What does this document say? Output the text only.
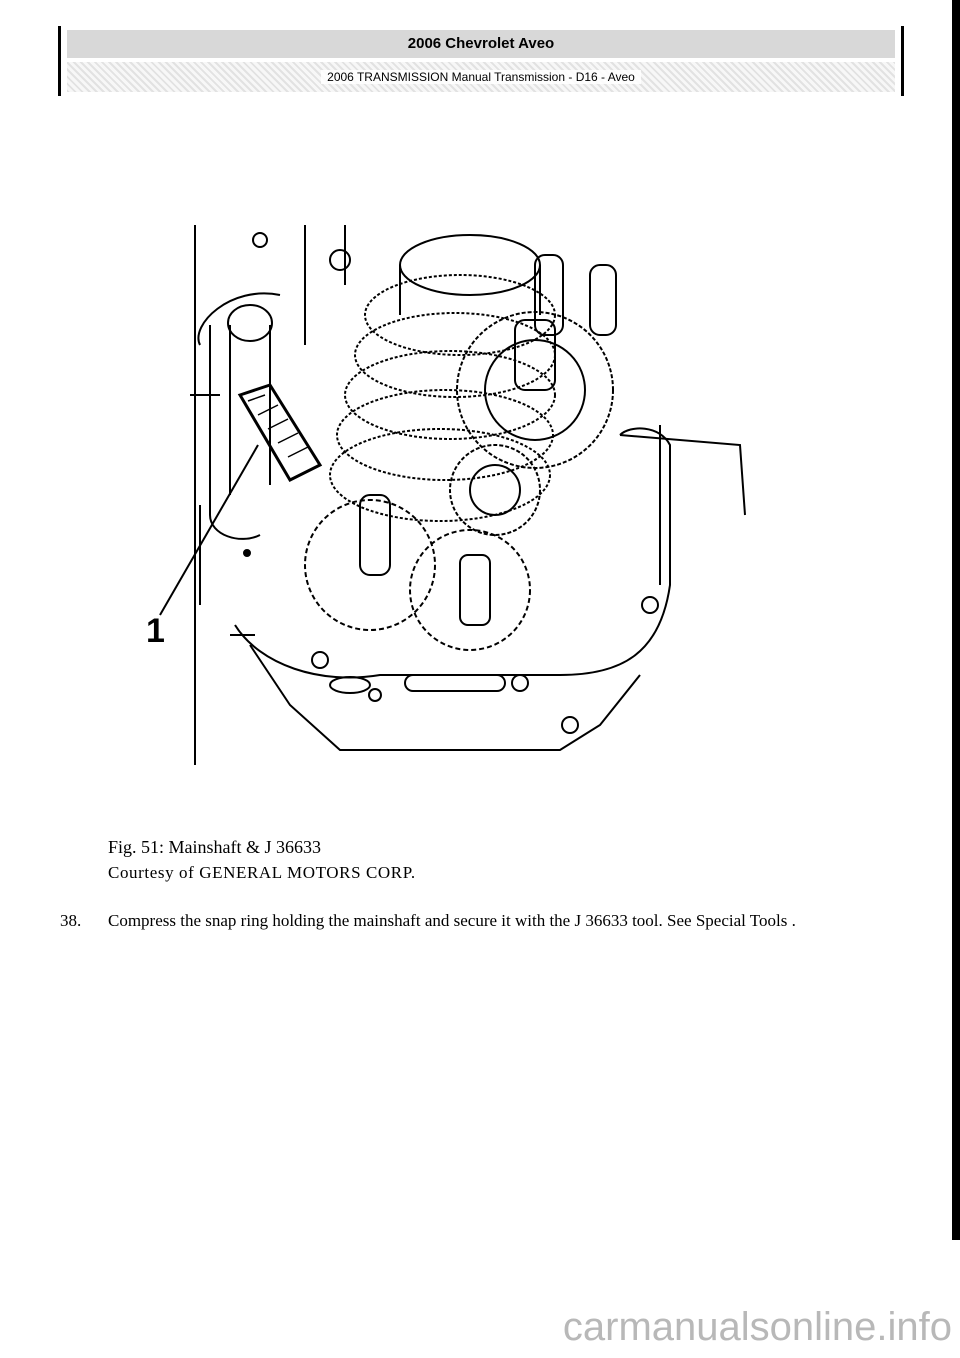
2006 Chevrolet Aveo
2006 TRANSMISSION Manual Transmission - D16 - Aveo
1
Fig. 51: Mainshaft & J 36633
Courtesy of GENERAL MOTORS CORP.
38. Compress the snap ring holding the mainshaft and secure it with the J 36633 tool. See Special Tools .
carmanualsonline.info
